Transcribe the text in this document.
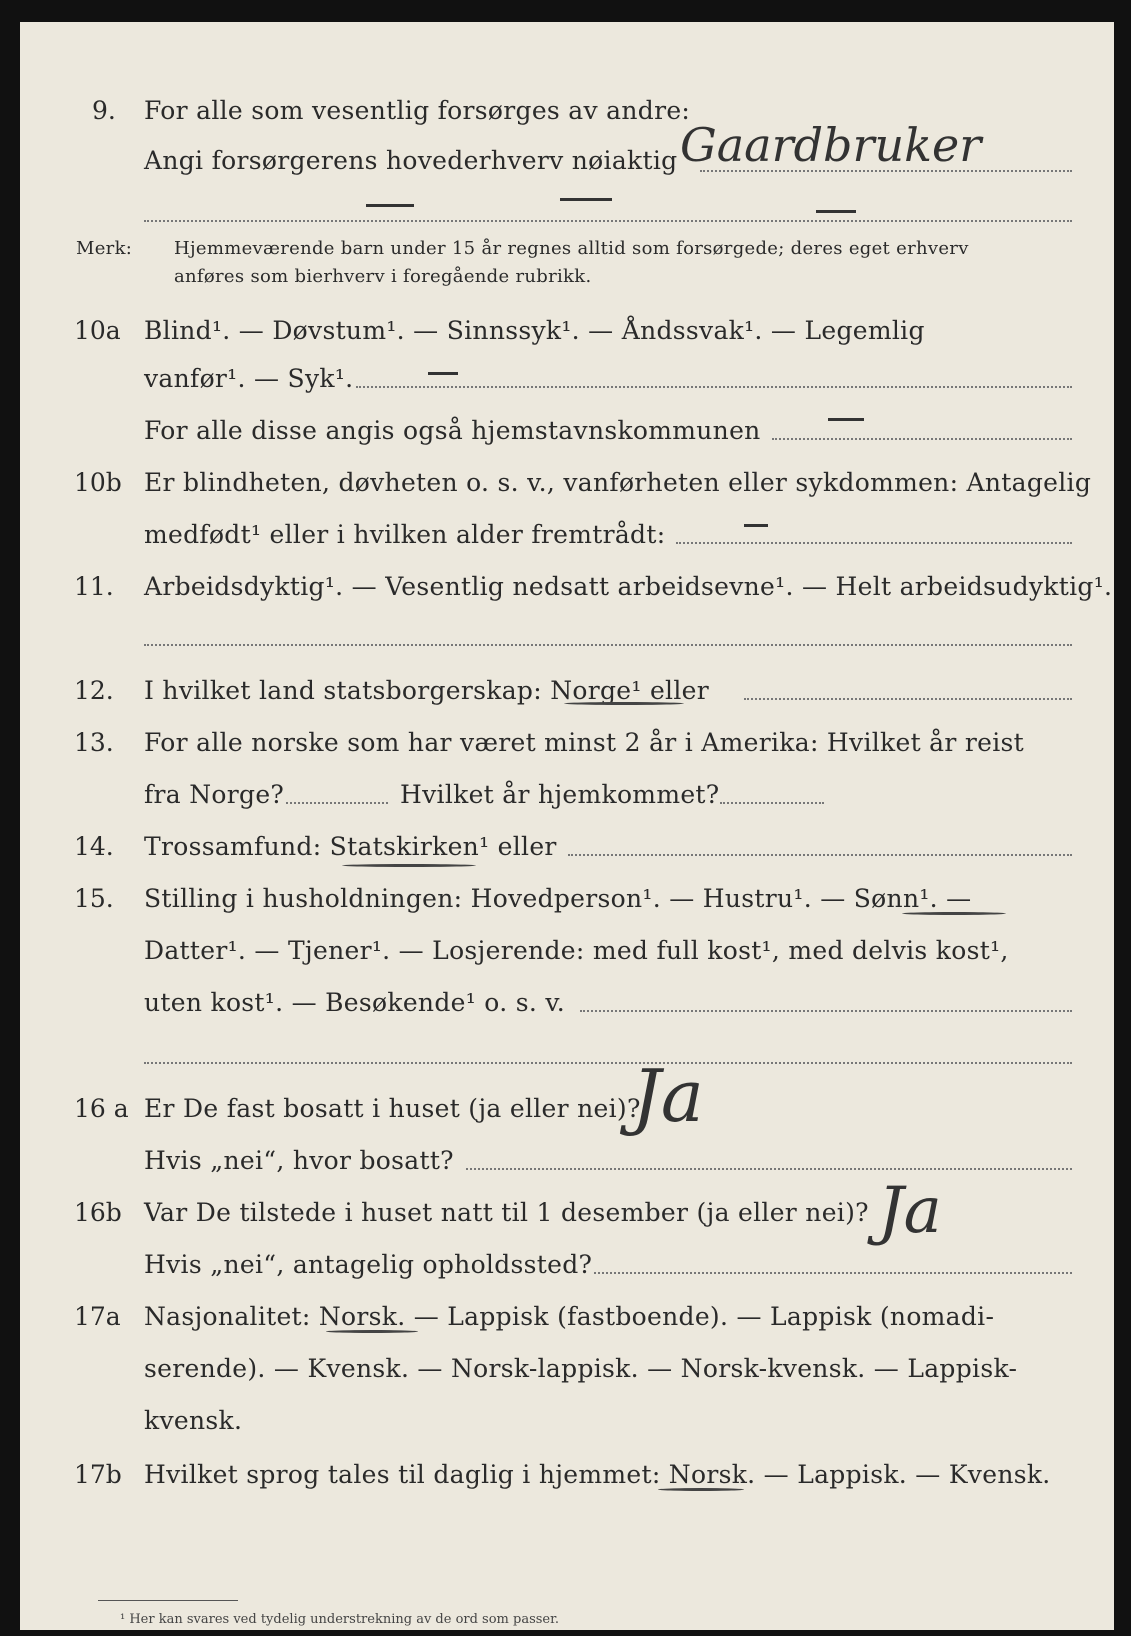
9. For alle som vesentlig forsørges av andre:
Angi forsørgerens hovederhverv nøiaktig Gaardbruker
Merk: Hjemmeværende barn under 15 år regnes alltid som forsørgede; deres eget erhverv
anføres som bierhverv i foregående rubrikk.
10a Blind¹. — Døvstum¹. — Sinnssyk¹. — Åndssvak¹. — Legemlig
vanfør¹. — Syk¹.
For alle disse angis også hjemstavnskommunen
10b Er blindheten, døvheten o. s. v., vanførheten eller sykdommen: Antagelig
medfødt¹ eller i hvilken alder fremtrådt:
11. Arbeidsdyktig¹. — Vesentlig nedsatt arbeidsevne¹. — Helt arbeidsudyktig¹.
12. I hvilket land statsborgerskap: Norge¹ eller
13. For alle norske som har været minst 2 år i Amerika: Hvilket år reist
fra Norge?	Hvilket år hjemkommet?
14. Trossamfund: Statskirken¹ eller
15. Stilling i husholdningen: Hovedperson¹. — Hustru¹. — Sønn¹. —
Datter¹. — Tjener¹. — Losjerende: med full kost¹, med delvis kost¹,
uten kost¹. — Besøkende¹ o. s. v.
16 a Er De fast bosatt i huset (ja eller nei)?
Ja
Hvis „nei“, hvor bosatt?
16b Var De tilstede i huset natt til 1 desember (ja eller nei)? Ja
Hvis „nei“, antagelig opholdssted?
17a Nasjonalitet: Norsk. — Lappisk (fastboende). — Lappisk (nomadi-
serende). — Kvensk. — Norsk-lappisk. — Norsk-kvensk. — Lappisk-
kvensk.
17b Hvilket sprog tales til daglig i hjemmet: Norsk. — Lappisk. — Kvensk.
¹ Her kan svares ved tydelig understrekning av de ord som passer.
